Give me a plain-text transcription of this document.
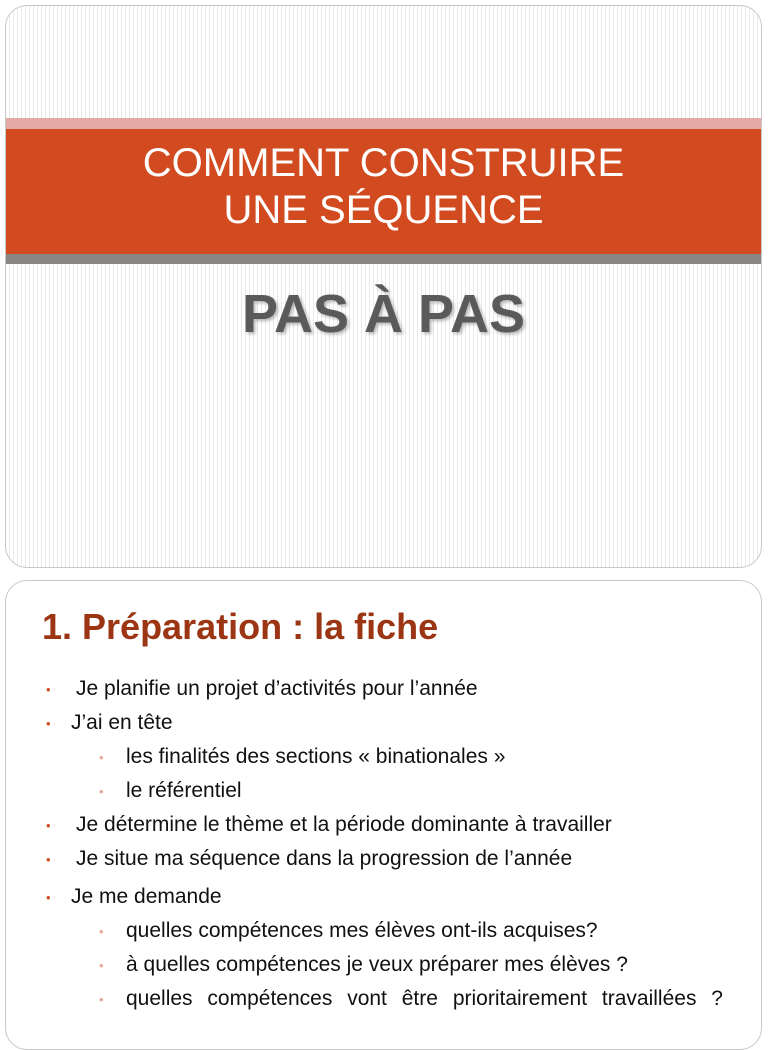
COMMENT CONSTRUIRE
UNE SÉQUENCE
PAS À PAS
1. Préparation : la fiche
• Je planifie un projet d’activités pour l’année
• J’ai en tête
• les finalités des sections « binationales »
• le référentiel
• Je détermine le thème et la période dominante à travailler
• Je situe ma séquence dans la progression de l’année
• Je me demande
• quelles compétences mes élèves ont-ils acquises?
• à quelles compétences je veux préparer mes élèves ?
• quelles compétences vont être prioritairement travaillées ?
